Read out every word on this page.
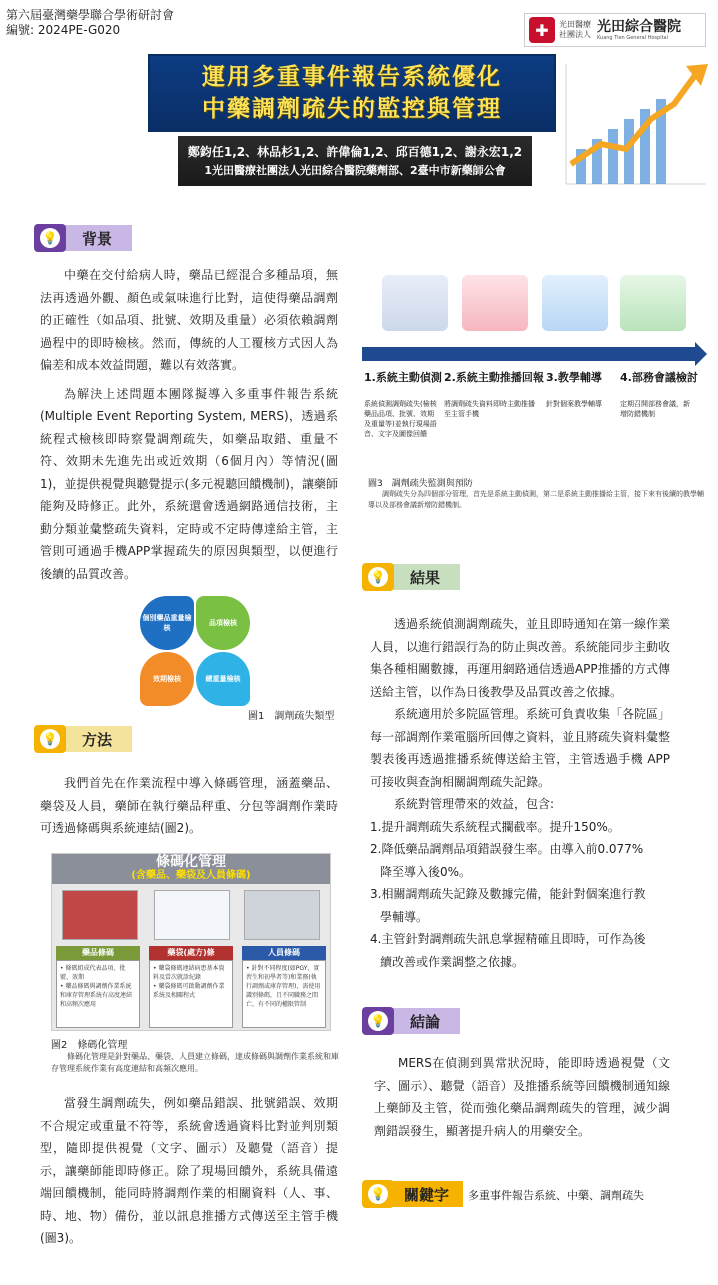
第六屆臺灣藥學聯合學術研討會
編號: 2024PE-G020	✚	光田醫療
社團法人 光田綜合醫院
Kuang Tien General Hospital
運用多重事件報告系統優化
中藥調劑疏失的監控與管理
鄭鈞任1,2、林品杉1,2、許偉倫1,2、邱百德1,2、謝永宏1,2
1光田醫療社團法人光田綜合醫院藥劑部、2臺中市新藥師公會
💡	背景

中藥在交付給病人時，藥品已經混合多種品項，無法再透過外觀、顏色或氣味進行比對，這使得藥品調劑的正確性（如品項、批號、效期及重量）必須依賴調劑過程中的即時檢核。然而，傳統的人工覆核方式因人為偏差和成本效益問題，難以有效落實。

為解決上述問題本團隊擬導入多重事件報告系統(Multiple Event Reporting System, MERS)，透過系統程式檢核即時察覺調劑疏失，如藥品取錯、重量不符、效期未先進先出或近效期（6個月內）等情況(圖1)，並提供視覺與聽覺提示(多元視聽回饋機制)，讓藥師能夠及時修正。此外，系統還會透過網路通信技術，主動分類並彙整疏失資料，定時或不定時傳達給主管，主管則可通過手機APP掌握疏失的原因與類型，以便進行後續的品質改善。

個別藥品重量檢核
品項檢核
效期檢核	總重量檢核
圖1　調劑疏失類型
💡	方法

我們首先在作業流程中導入條碼管理，涵蓋藥品、藥袋及人員，藥師在執行藥品秤重、分包等調劑作業時可透過條碼與系統連結(圖2)。

條碼化管理
(含藥品、藥袋及人員條碼)
藥品條碼
• 條碼組成代表品項、批號、效期
• 藥品條碼與調劑作業系統和庫存管理系統有高度連結和高頻次應用
藥袋(處方)條
• 藥袋條碼連結病患基本資料及當次就診紀錄
• 藥袋條碼可啟動調劑作業系統及相關程式
人員條碼
• 針對不同程度(如PGY、實習生和初學者等)和業務(執行調劑或庫存管理)，需使用識別條碼，且不同職務之間亡，有不同的權限管制
圖2　條碼化管理
條碼化管理是針對藥品、藥袋、人員建立條碼，達成條碼與調劑作業系統和庫存管理系統作業有高度連結和高頻次應用。

當發生調劑疏失，例如藥品錯誤、批號錯誤、效期不合規定或重量不符等，系統會透過資料比對並判別類型，隨即提供視覺（文字、圖示）及聽覺（語音）提示，讓藥師能即時修正。除了現場回饋外，系統具備遠端回饋機制，能同時將調劑作業的相關資料（人、事、時、地、物）備份，並以訊息推播方式傳送至主管手機(圖3)。

1.系統主動偵測 2.系統主動推播回報 3.教學輔導 4.部務會議檢討
系統偵測調劑疏失(檢核藥品品項、批號、效期及重量等)並執行現場語音、文字及圖像回饋
將調劑疏失資料即時主動推播至主管手機
針對個案教學輔導	定期召開部務會議，新增防錯機制
圖3　調劑疏失監測與預防
調劑疏失分為四個部分管理，首先是系統主動偵測，第二是系統主動推播給主管，接下來有後續的教學輔導以及部務會議新增防錯機制。
💡	結果

透過系統偵測調劑疏失，並且即時通知在第一線作業人員，以進行錯誤行為的防止與改善。系統能同步主動收集各種相關數據，再運用網路通信透過APP推播的方式傳送給主管，以作為日後教學及品質改善之依據。

系統適用於多院區管理。系統可負責收集「各院區」每一部調劑作業電腦所回傳之資料，並且將疏失資料彙整製表後再透過推播系統傳送給主管，主管透過手機 APP可接收與查詢相關調劑疏失記錄。

系統對管理帶來的效益，包含:

1.提升調劑疏失系統程式攔截率。提升150%。
2.降低藥品調劑品項錯誤發生率。由導入前0.077%
降至導入後0%。
3.相關調劑疏失記錄及數據完備，能針對個案進行教
學輔導。
4.主管針對調劑疏失訊息掌握精確且即時，可作為後
續改善或作業調整之依據。
💡	結論

MERS在偵測到異常狀況時，能即時透過視覺（文字、圖示）、聽覺（語音）及推播系統等回饋機制通知線上藥師及主管，從而強化藥品調劑疏失的管理，減少調劑錯誤發生，顯著提升病人的用藥安全。

💡	關鍵字	多重事件報告系統、中藥、調劑疏失
